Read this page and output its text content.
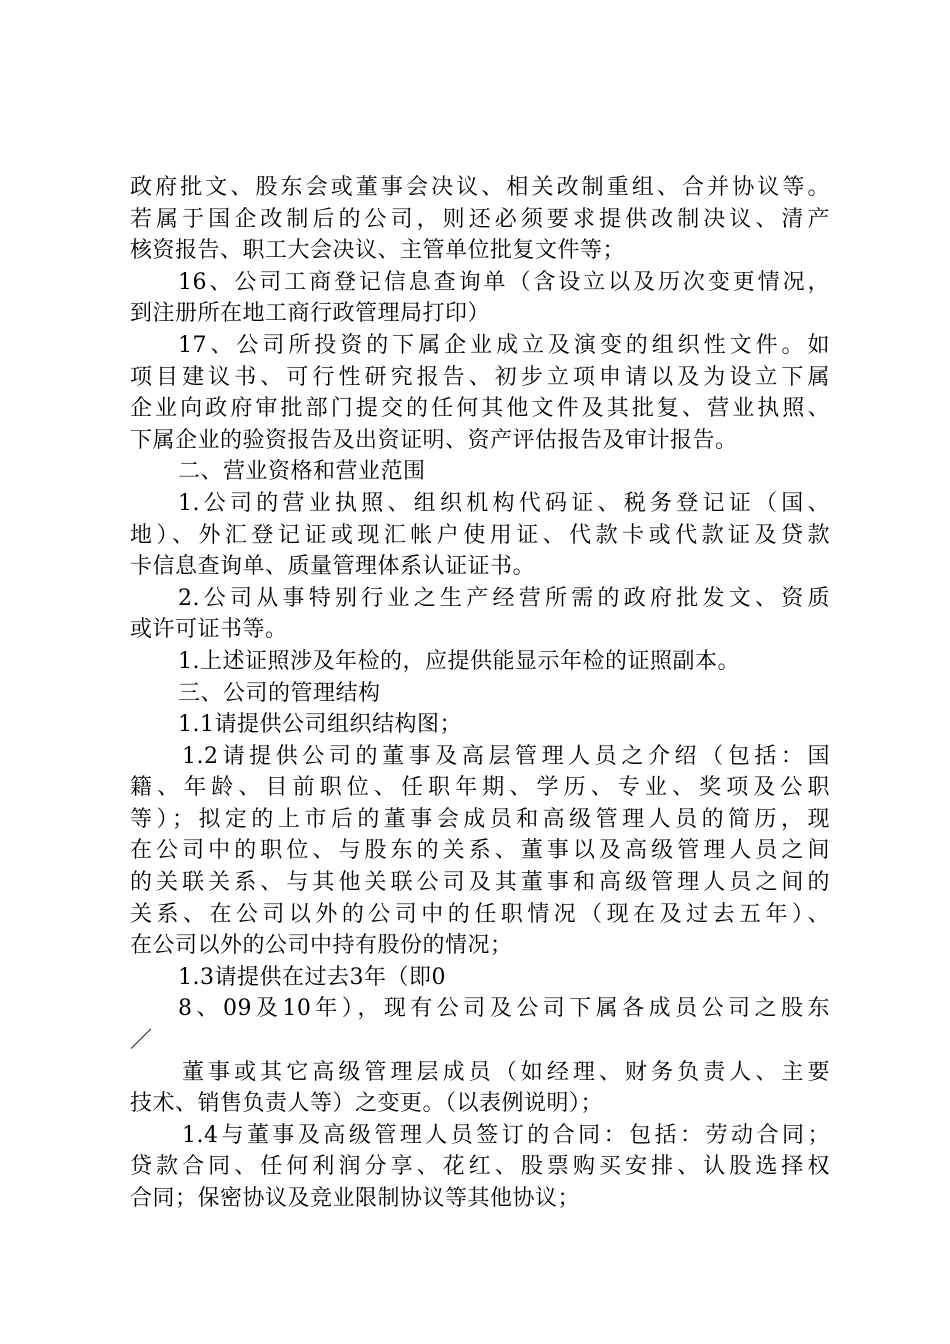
政府批文、股东会或董事会决议、相关改制重组、合并协议等。
若属于国企改制后的公司，则还必须要求提供改制决议、清产
核资报告、职工大会决议、主管单位批复文件等；
16、公司工商登记信息查询单（含设立以及历次变更情况，
到注册所在地工商行政管理局打印）
17、公司所投资的下属企业成立及演变的组织性文件。如
项目建议书、可行性研究报告、初步立项申请以及为设立下属
企业向政府审批部门提交的任何其他文件及其批复、营业执照、
下属企业的验资报告及出资证明、资产评估报告及审计报告。
二、营业资格和营业范围
1.公司的营业执照、组织机构代码证、税务登记证（国、
地）、外汇登记证或现汇帐户使用证、代款卡或代款证及贷款
卡信息查询单、质量管理体系认证证书。
2.公司从事特别行业之生产经营所需的政府批发文、资质
或许可证书等。
1.上述证照涉及年检的，应提供能显示年检的证照副本。
三、公司的管理结构
1.1请提供公司组织结构图；
1.2请提供公司的董事及高层管理人员之介绍（包括：国
籍、年龄、目前职位、任职年期、学历、专业、奖项及公职
等）；拟定的上市后的董事会成员和高级管理人员的简历，现
在公司中的职位、与股东的关系、董事以及高级管理人员之间
的关联关系、与其他关联公司及其董事和高级管理人员之间的
关系、在公司以外的公司中的任职情况（现在及过去五年）、
在公司以外的公司中持有股份的情况；
1.3请提供在过去3年（即0
8、09及10年），现有公司及公司下属各成员公司之股东
／
董事或其它高级管理层成员（如经理、财务负责人、主要
技术、销售负责人等）之变更。（以表例说明）；
1.4与董事及高级管理人员签订的合同：包括：劳动合同；
贷款合同、任何利润分享、花红、股票购买安排、认股选择权
合同；保密协议及竞业限制协议等其他协议；
